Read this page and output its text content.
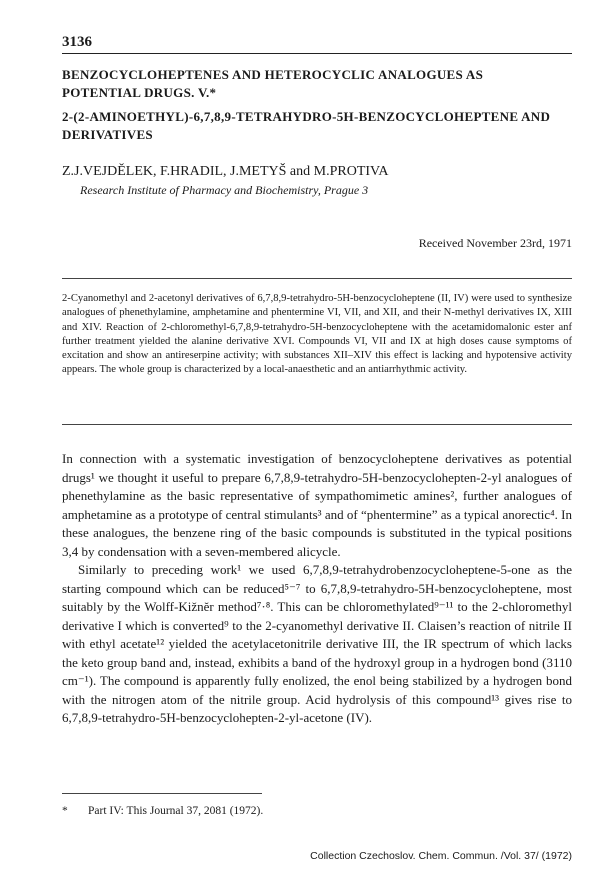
3136
BENZOCYCLOHEPTENES AND HETEROCYCLIC ANALOGUES AS POTENTIAL DRUGS. V.*
2-(2-AMINOETHYL)-6,7,8,9-TETRAHYDRO-5H-BENZOCYCLOHEPTENE AND DERIVATIVES
Z.J.VEJDĚLEK, F.HRADIL, J.METYŠ and M.PROTIVA
Research Institute of Pharmacy and Biochemistry, Prague 3
Received November 23rd, 1971

2-Cyanomethyl and 2-acetonyl derivatives of 6,7,8,9-tetrahydro-5H-benzocycloheptene (II, IV) were used to synthesize analogues of phenethylamine, amphetamine and phentermine VI, VII, and XII, and their N-methyl derivatives IX, XIII and XIV. Reaction of 2-chloromethyl-6,7,8,9-tetrahydro-5H-benzocycloheptene with the acetamidomalonic ester anf further treatment yielded the alanine derivative XVI. Compounds VI, VII and IX at high doses cause symptoms of excitation and show an antireserpine activity; with substances XII–XIV this effect is lacking and hypotensive activity appears. The whole group is characterized by a local-anaesthetic and an antiarrhythmic activity.

In connection with a systematic investigation of benzocycloheptene derivatives as potential drugs¹ we thought it useful to prepare 6,7,8,9-tetrahydro-5H-benzocyclohepten-2-yl analogues of phenethylamine as the basic representative of sympathomimetic amines², further analogues of amphetamine as a prototype of central stimulants³ and of “phentermine” as a typical anorectic⁴. In these analogues, the benzene ring of the basic compounds is substituted in the typical positions 3,4 by condensation with a seven-membered alicycle.

Similarly to preceding work¹ we used 6,7,8,9-tetrahydrobenzocycloheptene-5-one as the starting compound which can be reduced⁵⁻⁷ to 6,7,8,9-tetrahydro-5H-benzocycloheptene, most suitably by the Wolff-Kižnĕr method⁷·⁸. This can be chloromethylated⁹⁻¹¹ to the 2-chloromethyl derivative I which is converted⁹ to the 2-cyanomethyl derivative II. Claisen’s reaction of nitrile II with ethyl acetate¹² yielded the acetylacetonitrile derivative III, the IR spectrum of which lacks the keto group band and, instead, exhibits a band of the hydroxyl group in a hydrogen bond (3110 cm⁻¹). The compound is apparently fully enolized, the enol being stabilized by a hydrogen bond with the nitrogen atom of the nitrile group. Acid hydrolysis of this compound¹³ gives rise to 6,7,8,9-tetrahydro-5H-benzocyclohepten-2-yl-acetone (IV).

* Part IV: This Journal 37, 2081 (1972).
Collection Czechoslov. Chem. Commun. /Vol. 37/ (1972)
